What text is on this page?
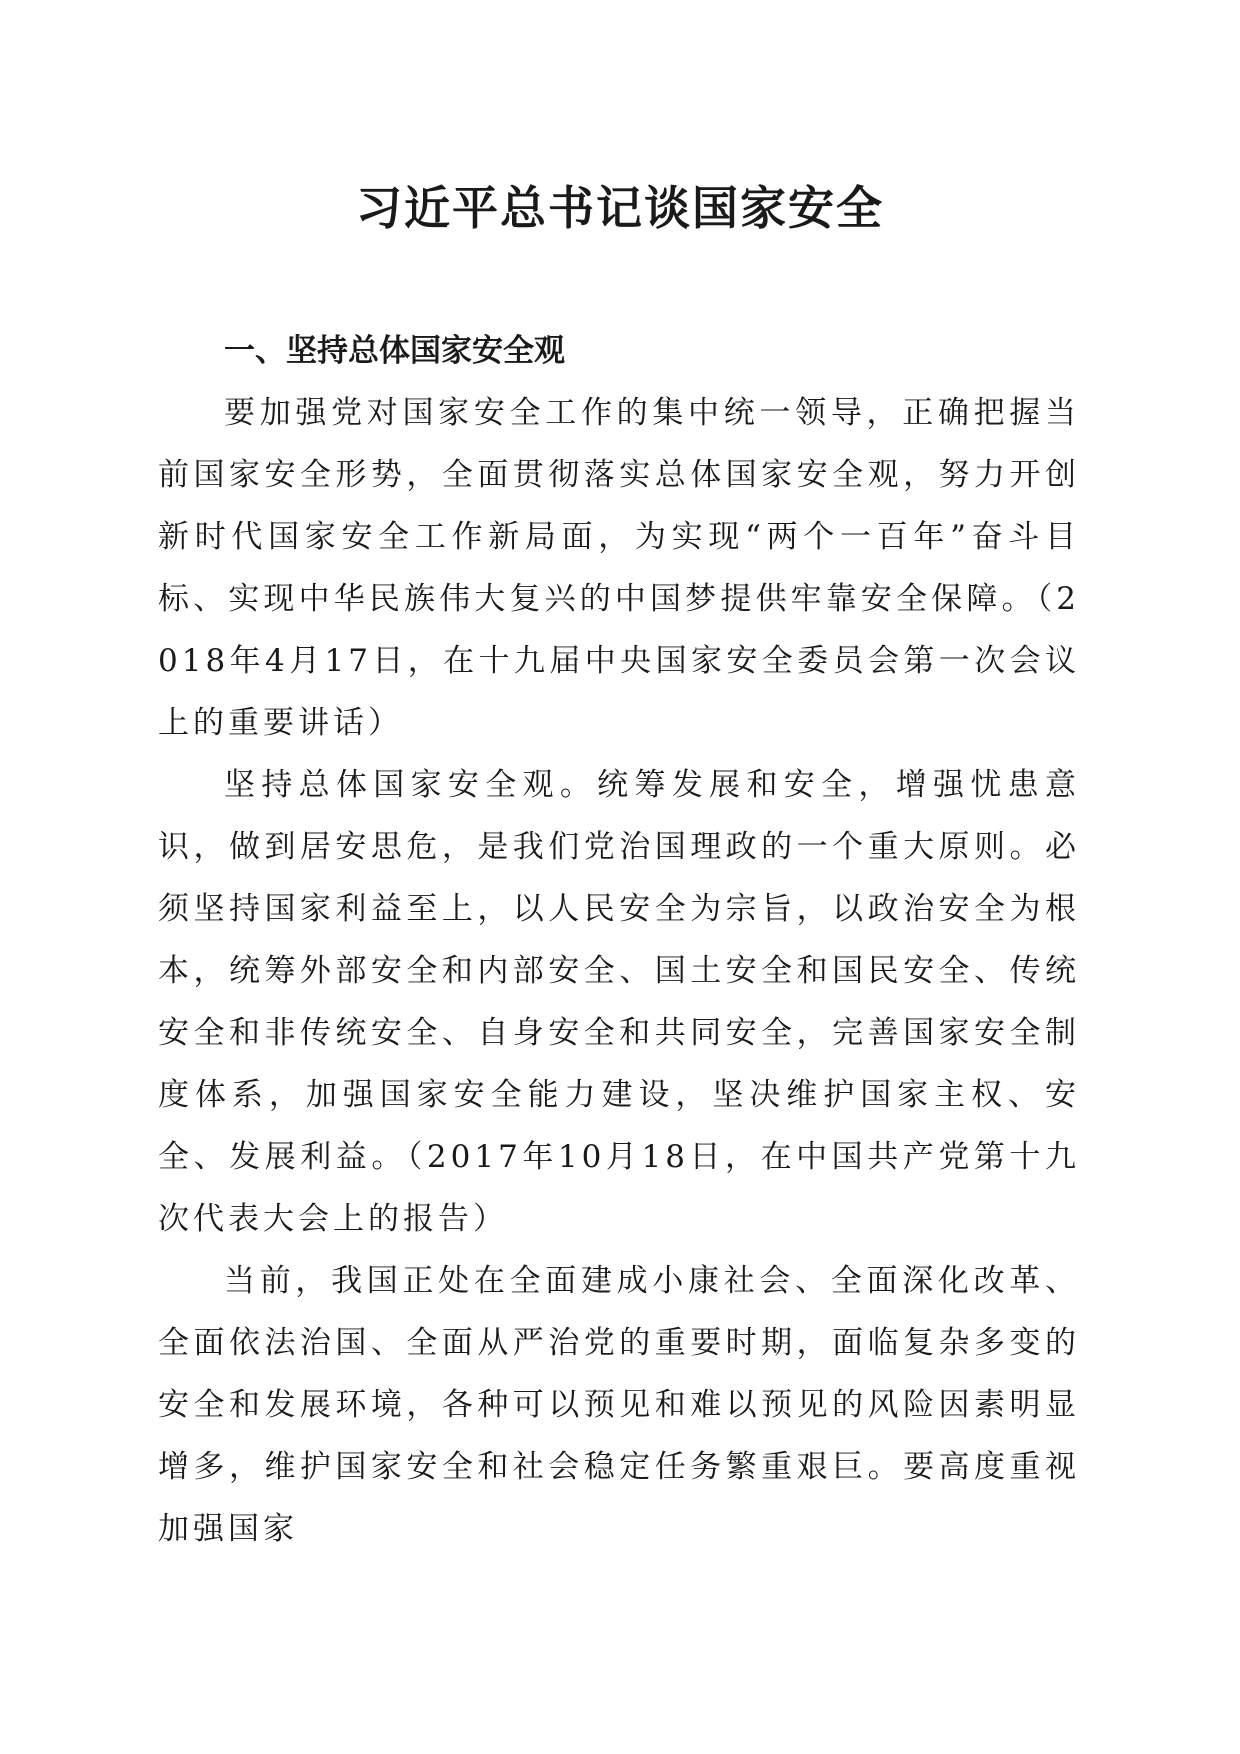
习近平总书记谈国家安全
一、坚持总体国家安全观

要加强党对国家安全工作的集中统一领导，正确把握当前国家安全形势，全面贯彻落实总体国家安全观，努力开创新时代国家安全工作新局面，为实现“两个一百年”奋斗目标、实现中华民族伟大复兴的中国梦提供牢靠安全保障。（2018年4月17日，在十九届中央国家安全委员会第一次会议上的重要讲话）

坚持总体国家安全观。统筹发展和安全，增强忧患意识，做到居安思危，是我们党治国理政的一个重大原则。必须坚持国家利益至上，以人民安全为宗旨，以政治安全为根本，统筹外部安全和内部安全、国土安全和国民安全、传统安全和非传统安全、自身安全和共同安全，完善国家安全制度体系，加强国家安全能力建设，坚决维护国家主权、安全、发展利益。（2017年10月18日，在中国共产党第十九次代表大会上的报告）

当前，我国正处在全面建成小康社会、全面深化改革、全面依法治国、全面从严治党的重要时期，面临复杂多变的安全和发展环境，各种可以预见和难以预见的风险因素明显增多，维护国家安全和社会稳定任务繁重艰巨。要高度重视加强国家
